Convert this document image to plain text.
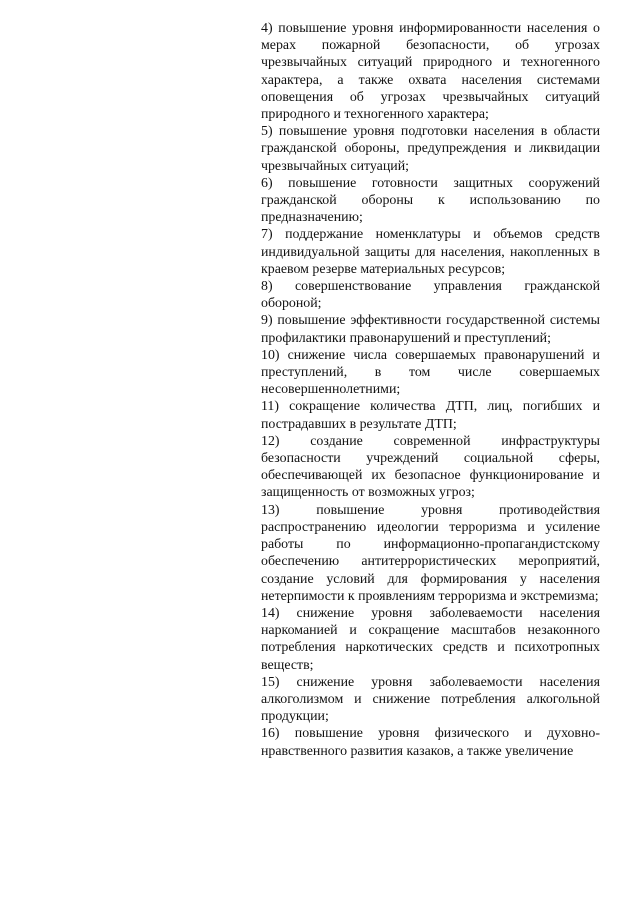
4) повышение уровня информированности населения о мерах пожарной безопасности, об угрозах чрезвычайных ситуаций природного и техногенного характера, а также охвата населения системами оповещения об угрозах чрезвычайных ситуаций природного и техногенного характера;

5) повышение уровня подготовки населения в области гражданской обороны, предупреждения и ликвидации чрезвычайных ситуаций;

6) повышение готовности защитных сооружений гражданской обороны к использованию по предназначению;

7) поддержание номенклатуры и объемов средств индивидуальной защиты для населения, накопленных в краевом резерве материальных ресурсов;

8) совершенствование управления гражданской обороной;

9) повышение эффективности государственной системы профилактики правонарушений и преступлений;

10) снижение числа совершаемых правонарушений и преступлений, в том числе совершаемых несовершеннолетними;

11) сокращение количества ДТП, лиц, погибших и пострадавших в результате ДТП;

12) создание современной инфраструктуры безопасности учреждений социальной сферы, обеспечивающей их безопасное функционирование и защищенность от возможных угроз;

13) повышение уровня противодействия распространению идеологии терроризма и усиление работы по информационно-пропагандистскому обеспечению антитеррористических мероприятий, создание условий для формирования у населения нетерпимости к проявлениям терроризма и экстремизма;

14) снижение уровня заболеваемости населения наркоманией и сокращение масштабов незаконного потребления наркотических средств и психотропных веществ;

15) снижение уровня заболеваемости населения алкоголизмом и снижение потребления алкогольной продукции;

16) повышение уровня физического и духовно-нравственного развития казаков, а также увеличение
